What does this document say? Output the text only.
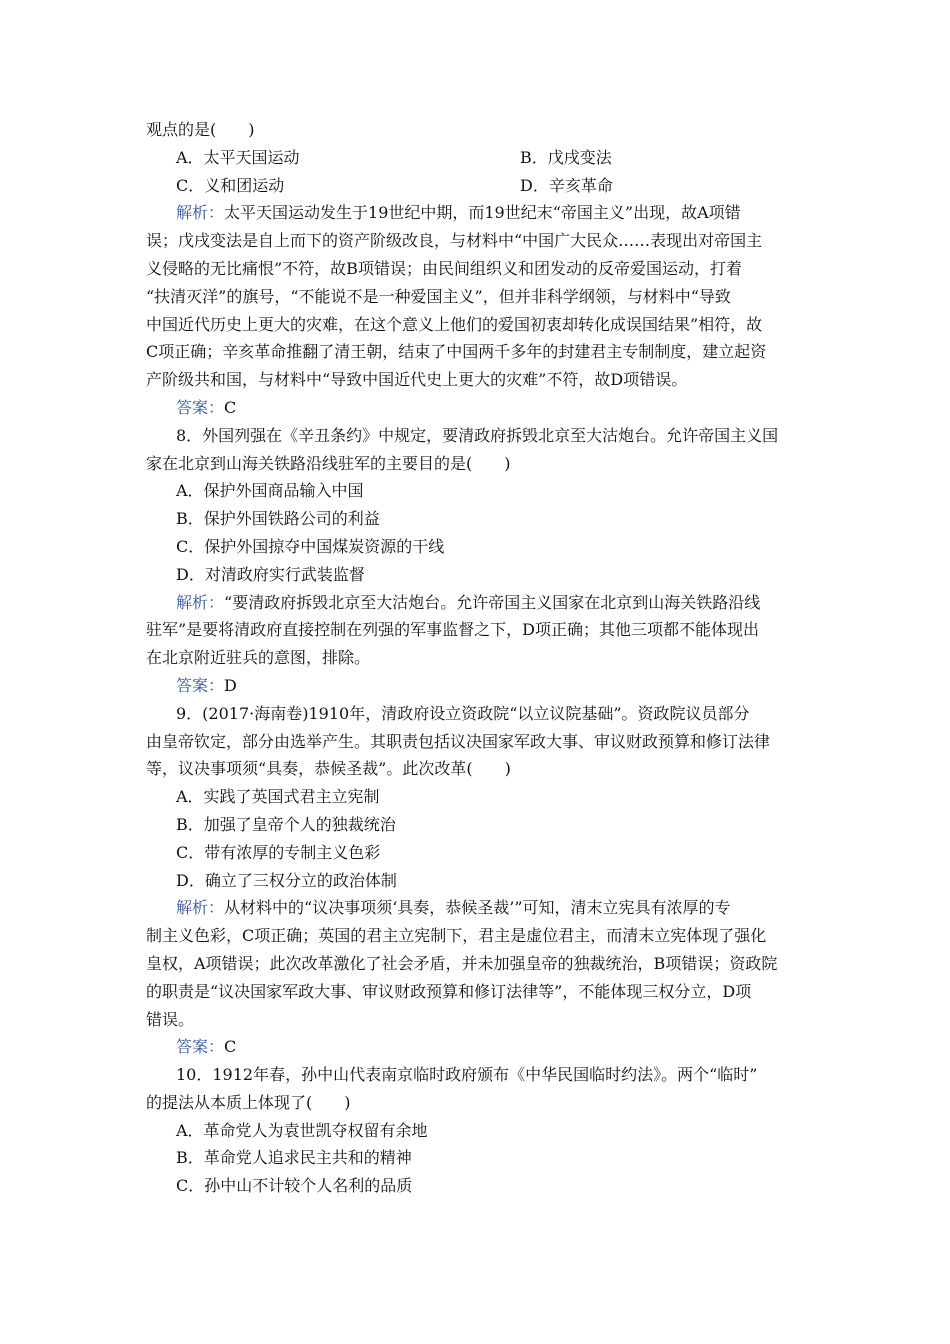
观点的是(　　)
A．太平天国运动	B．戊戌变法
C．义和团运动	D．辛亥革命
解析：太平天国运动发生于19世纪中期，而19世纪末“帝国主义”出现，故A项错
误；戊戌变法是自上而下的资产阶级改良，与材料中“中国广大民众……表现出对帝国主
义侵略的无比痛恨”不符，故B项错误；由民间组织义和团发动的反帝爱国运动，打着
“扶清灭洋”的旗号，“不能说不是一种爱国主义”，但并非科学纲领，与材料中“导致
中国近代历史上更大的灾难，在这个意义上他们的爱国初衷却转化成误国结果”相符，故
C项正确；辛亥革命推翻了清王朝，结束了中国两千多年的封建君主专制制度，建立起资
产阶级共和国，与材料中“导致中国近代史上更大的灾难”不符，故D项错误。
答案：C
8．外国列强在《辛丑条约》中规定，要清政府拆毁北京至大沽炮台。允许帝国主义国
家在北京到山海关铁路沿线驻军的主要目的是(　　)
A．保护外国商品输入中国
B．保护外国铁路公司的利益
C．保护外国掠夺中国煤炭资源的干线
D．对清政府实行武装监督
解析：“要清政府拆毁北京至大沽炮台。允许帝国主义国家在北京到山海关铁路沿线
驻军”是要将清政府直接控制在列强的军事监督之下，D项正确；其他三项都不能体现出
在北京附近驻兵的意图，排除。
答案：D
9．(2017·海南卷)1910年，清政府设立资政院“以立议院基础”。资政院议员部分
由皇帝钦定，部分由选举产生。其职责包括议决国家军政大事、审议财政预算和修订法律
等，议决事项须“具奏，恭候圣裁”。此次改革(　　)
A．实践了英国式君主立宪制
B．加强了皇帝个人的独裁统治
C．带有浓厚的专制主义色彩
D．确立了三权分立的政治体制
解析：从材料中的“议决事项须‘具奏，恭候圣裁’”可知，清末立宪具有浓厚的专
制主义色彩，C项正确；英国的君主立宪制下，君主是虚位君主，而清末立宪体现了强化
皇权，A项错误；此次改革激化了社会矛盾，并未加强皇帝的独裁统治，B项错误；资政院
的职责是“议决国家军政大事、审议财政预算和修订法律等”，不能体现三权分立，D项
错误。
答案：C
10．1912年春，孙中山代表南京临时政府颁布《中华民国临时约法》。两个“临时”
的提法从本质上体现了(　　)
A．革命党人为袁世凯夺权留有余地
B．革命党人追求民主共和的精神
C．孙中山不计较个人名利的品质
